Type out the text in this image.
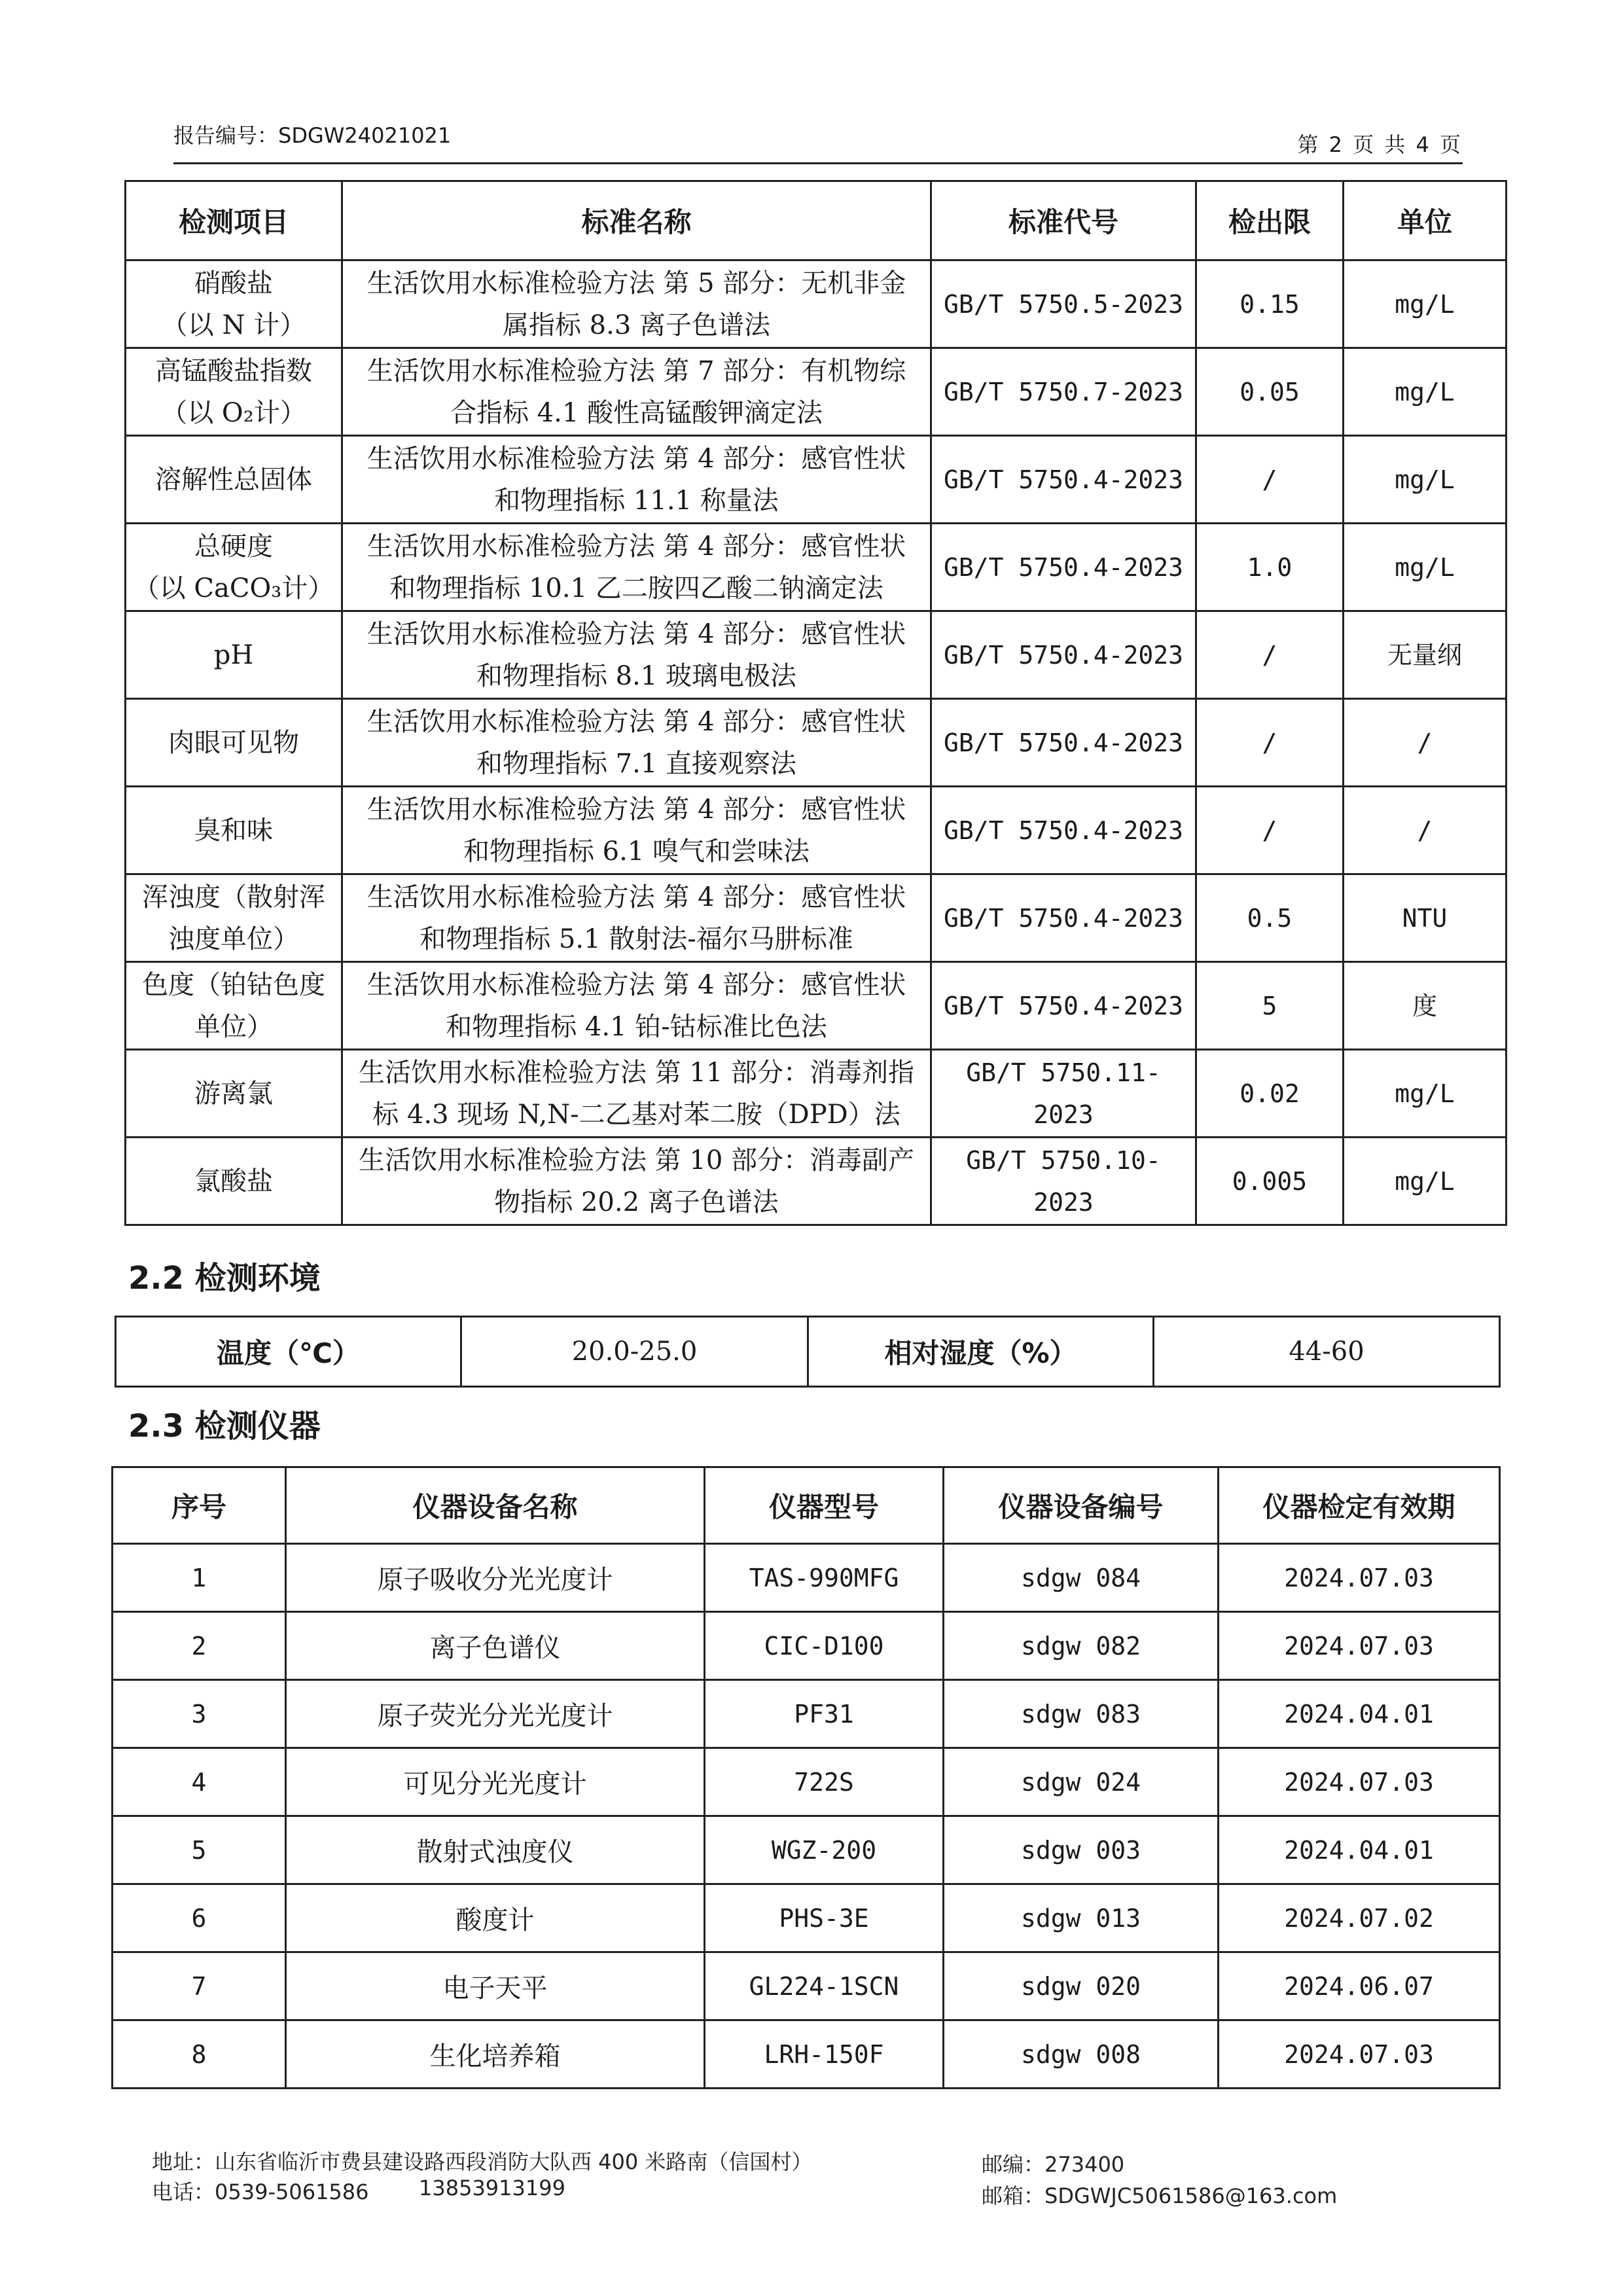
报告编号：SDGW24021021	第 2 页 共 4 页
检测项目	标准名称	标准代号	检出限	单位

硝酸盐
（以 N 计）	生活饮用水标准检验方法 第 5 部分：无机非金属指标 8.3 离子色谱法	GB/T 5750.5-2023	0.15	mg/L

高锰酸盐指数
（以 O₂计）	生活饮用水标准检验方法 第 7 部分：有机物综合指标 4.1 酸性高锰酸钾滴定法	GB/T 5750.7-2023	0.05	mg/L

溶解性总固体	生活饮用水标准检验方法 第 4 部分：感官性状和物理指标 11.1 称量法	GB/T 5750.4-2023	/	mg/L

总硬度
（以 CaCO₃计）	生活饮用水标准检验方法 第 4 部分：感官性状和物理指标 10.1 乙二胺四乙酸二钠滴定法	GB/T 5750.4-2023	1.0	mg/L

pH	生活饮用水标准检验方法 第 4 部分：感官性状和物理指标 8.1 玻璃电极法	GB/T 5750.4-2023	/	无量纲

肉眼可见物	生活饮用水标准检验方法 第 4 部分：感官性状和物理指标 7.1 直接观察法	GB/T 5750.4-2023	/	/

臭和味	生活饮用水标准检验方法 第 4 部分：感官性状和物理指标 6.1 嗅气和尝味法	GB/T 5750.4-2023	/	/

浑浊度（散射浑
浊度单位）	生活饮用水标准检验方法 第 4 部分：感官性状和物理指标 5.1 散射法-福尔马肼标准	GB/T 5750.4-2023	0.5	NTU

色度（铂钴色度
单位）	生活饮用水标准检验方法 第 4 部分：感官性状和物理指标 4.1 铂-钴标准比色法	GB/T 5750.4-2023	5	度

游离氯	生活饮用水标准检验方法 第 11 部分：消毒剂指标 4.3 现场 N,N-二乙基对苯二胺（DPD）法	GB/T 5750.11-2023	0.02	mg/L

氯酸盐	生活饮用水标准检验方法 第 10 部分：消毒副产物指标 20.2 离子色谱法	GB/T 5750.10-2023	0.005	mg/L
2.2 检测环境
温度（℃）	20.0-25.0	相对湿度（%）	44-60
2.3 检测仪器
序号	仪器设备名称	仪器型号	仪器设备编号	仪器检定有效期
1	原子吸收分光光度计	TAS-990MFG	sdgw 084	2024.07.03
2	离子色谱仪	CIC-D100	sdgw 082	2024.07.03
3	原子荧光分光光度计	PF31	sdgw 083	2024.04.01
4	可见分光光度计	722S	sdgw 024	2024.07.03
5	散射式浊度仪	WGZ-200	sdgw 003	2024.04.01
6	酸度计	PHS-3E	sdgw 013	2024.07.02
7	电子天平	GL224-1SCN	sdgw 020	2024.06.07
8	生化培养箱	LRH-150F	sdgw 008	2024.07.03
地址：山东省临沂市费县建设路西段消防大队西 400 米路南（信国村）
电话：0539-5061586 13853913199
邮编：273400
邮箱：SDGWJC5061586@163.com
